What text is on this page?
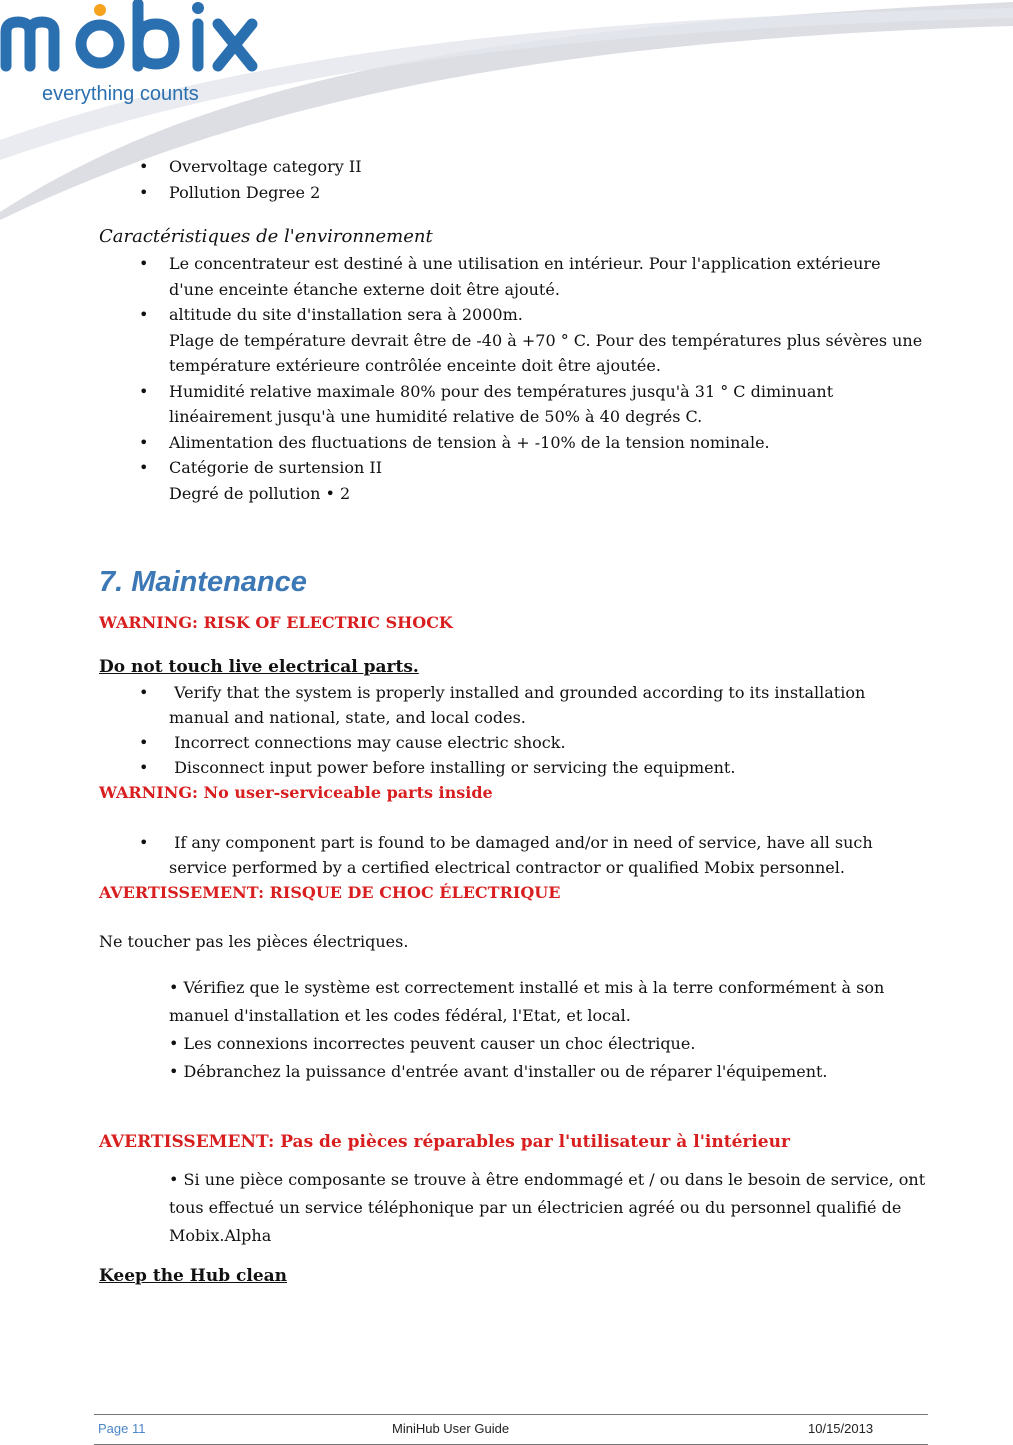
everything counts
• Overvoltage category II
• Pollution Degree 2
Caractéristiques de l'environnement
• Le concentrateur est destiné à une utilisation en intérieur. Pour l'application extérieure
d'une enceinte étanche externe doit être ajouté.
• altitude du site d'installation sera à 2000m.
Plage de température devrait être de -40 à +70 ° C. Pour des températures plus sévères une
température extérieure contrôlée enceinte doit être ajoutée.
• Humidité relative maximale 80% pour des températures jusqu'à 31 ° C diminuant
linéairement jusqu'à une humidité relative de 50% à 40 degrés C.
• Alimentation des fluctuations de tension à + -10% de la tension nominale.
• Catégorie de surtension II
Degré de pollution • 2
7. Maintenance
WARNING: RISK OF ELECTRIC SHOCK
Do not touch live electrical parts.
• Verify that the system is properly installed and grounded according to its installation
manual and national, state, and local codes.
• Incorrect connections may cause electric shock.
• Disconnect input power before installing or servicing the equipment.
WARNING: No user-serviceable parts inside
• If any component part is found to be damaged and/or in need of service, have all such
service performed by a certified electrical contractor or qualified Mobix personnel.
AVERTISSEMENT: RISQUE DE CHOC ÉLECTRIQUE
Ne toucher pas les pièces électriques.
• Vérifiez que le système est correctement installé et mis à la terre conformément à son
manuel d'installation et les codes fédéral, l'Etat, et local.
• Les connexions incorrectes peuvent causer un choc électrique.
• Débranchez la puissance d'entrée avant d'installer ou de réparer l'équipement.
AVERTISSEMENT: Pas de pièces réparables par l'utilisateur à l'intérieur
• Si une pièce composante se trouve à être endommagé et / ou dans le besoin de service, ont
tous effectué un service téléphonique par un électricien agréé ou du personnel qualifié de
Mobix.Alpha
Keep the Hub clean
Page 11	MiniHub User Guide	10/15/2013
